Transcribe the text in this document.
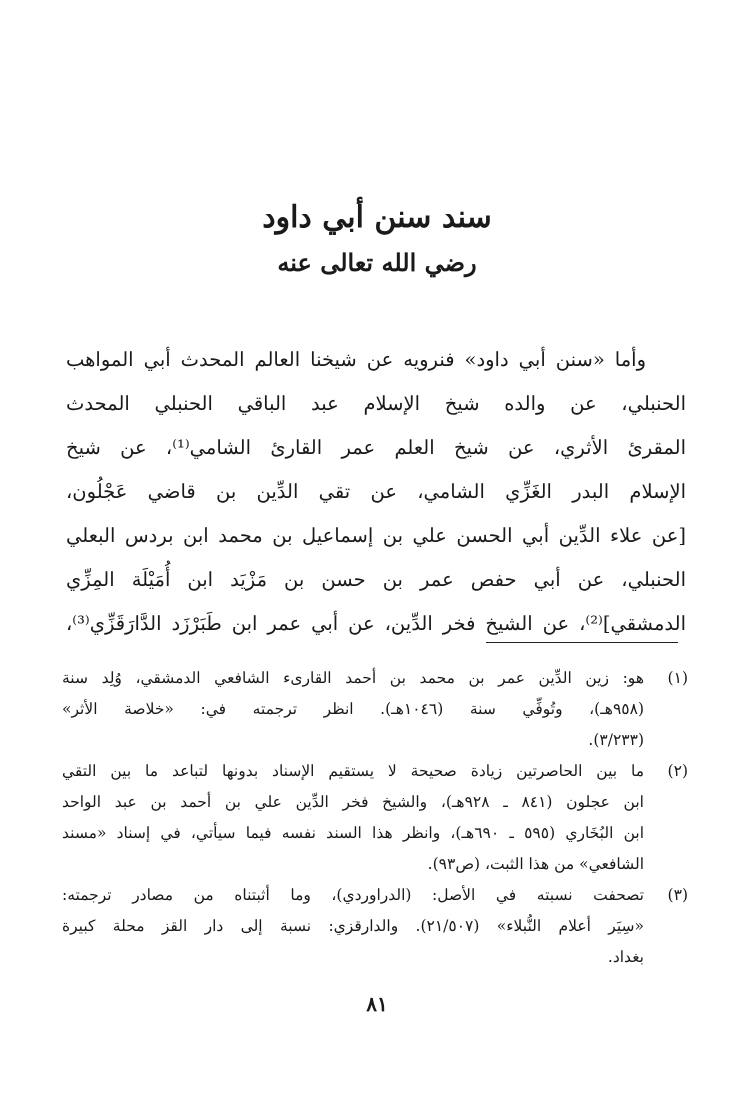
سند سنن أبي داود
رضي الله تعالى عنه
وأما «سنن أبي داود» فنرويه عن شيخنا العالم المحدث أبي المواهب
الحنبلي، عن والده شيخ الإسلام عبد الباقي الحنبلي المحدث
المقرئ الأثري، عن شيخ العلم عمر القارئ الشامي⁽¹⁾، عن شيخ
الإسلام البدر الغَزِّي الشامي، عن تقي الدِّين بن قاضي عَجْلُون،
[عن علاء الدِّين أبي الحسن علي بن إسماعيل بن محمد ابن بردس البعلي
الحنبلي، عن أبي حفص عمر بن حسن بن مَزْيَد ابن أُمَيْلَة المِزِّي
الدمشقي]⁽²⁾، عن الشيخ فخر الدِّين، عن أبي عمر ابن طَبَرْزَد الدَّارَقَزِّي⁽³⁾،
(١)
هو: زين الدِّين عمر بن محمد بن أحمد القارىء الشافعي الدمشقي، وُلِد سنة
(٩٥٨هـ)، وتُوفِّي سنة (١٠٤٦هـ). انظر ترجمته في: «خلاصة الأثر»
(٣/٢٣٣).
(٢)
ما بين الحاصرتين زيادة صحيحة لا يستقيم الإسناد بدونها لتباعد ما بين التقي
ابن عجلون (٨٤١ ـ ٩٢٨هـ)، والشيخ فخر الدِّين علي بن أحمد بن عبد الواحد
ابن البُخَاري (٥٩٥ ـ ٦٩٠هـ)، وانظر هذا السند نفسه فيما سيأتي، في إسناد «مسند
الشافعي» من هذا الثبت، (ص٩٣).
(٣)
تصحفت نسبته في الأصل: (الدراوردي)، وما أثبتناه من مصادر ترجمته:
«سِيَر أعلام النُّبلاء» (٢١/٥٠٧). والدارقزي: نسبة إلى دار القز محلة كبيرة
بغداد.
٨١
